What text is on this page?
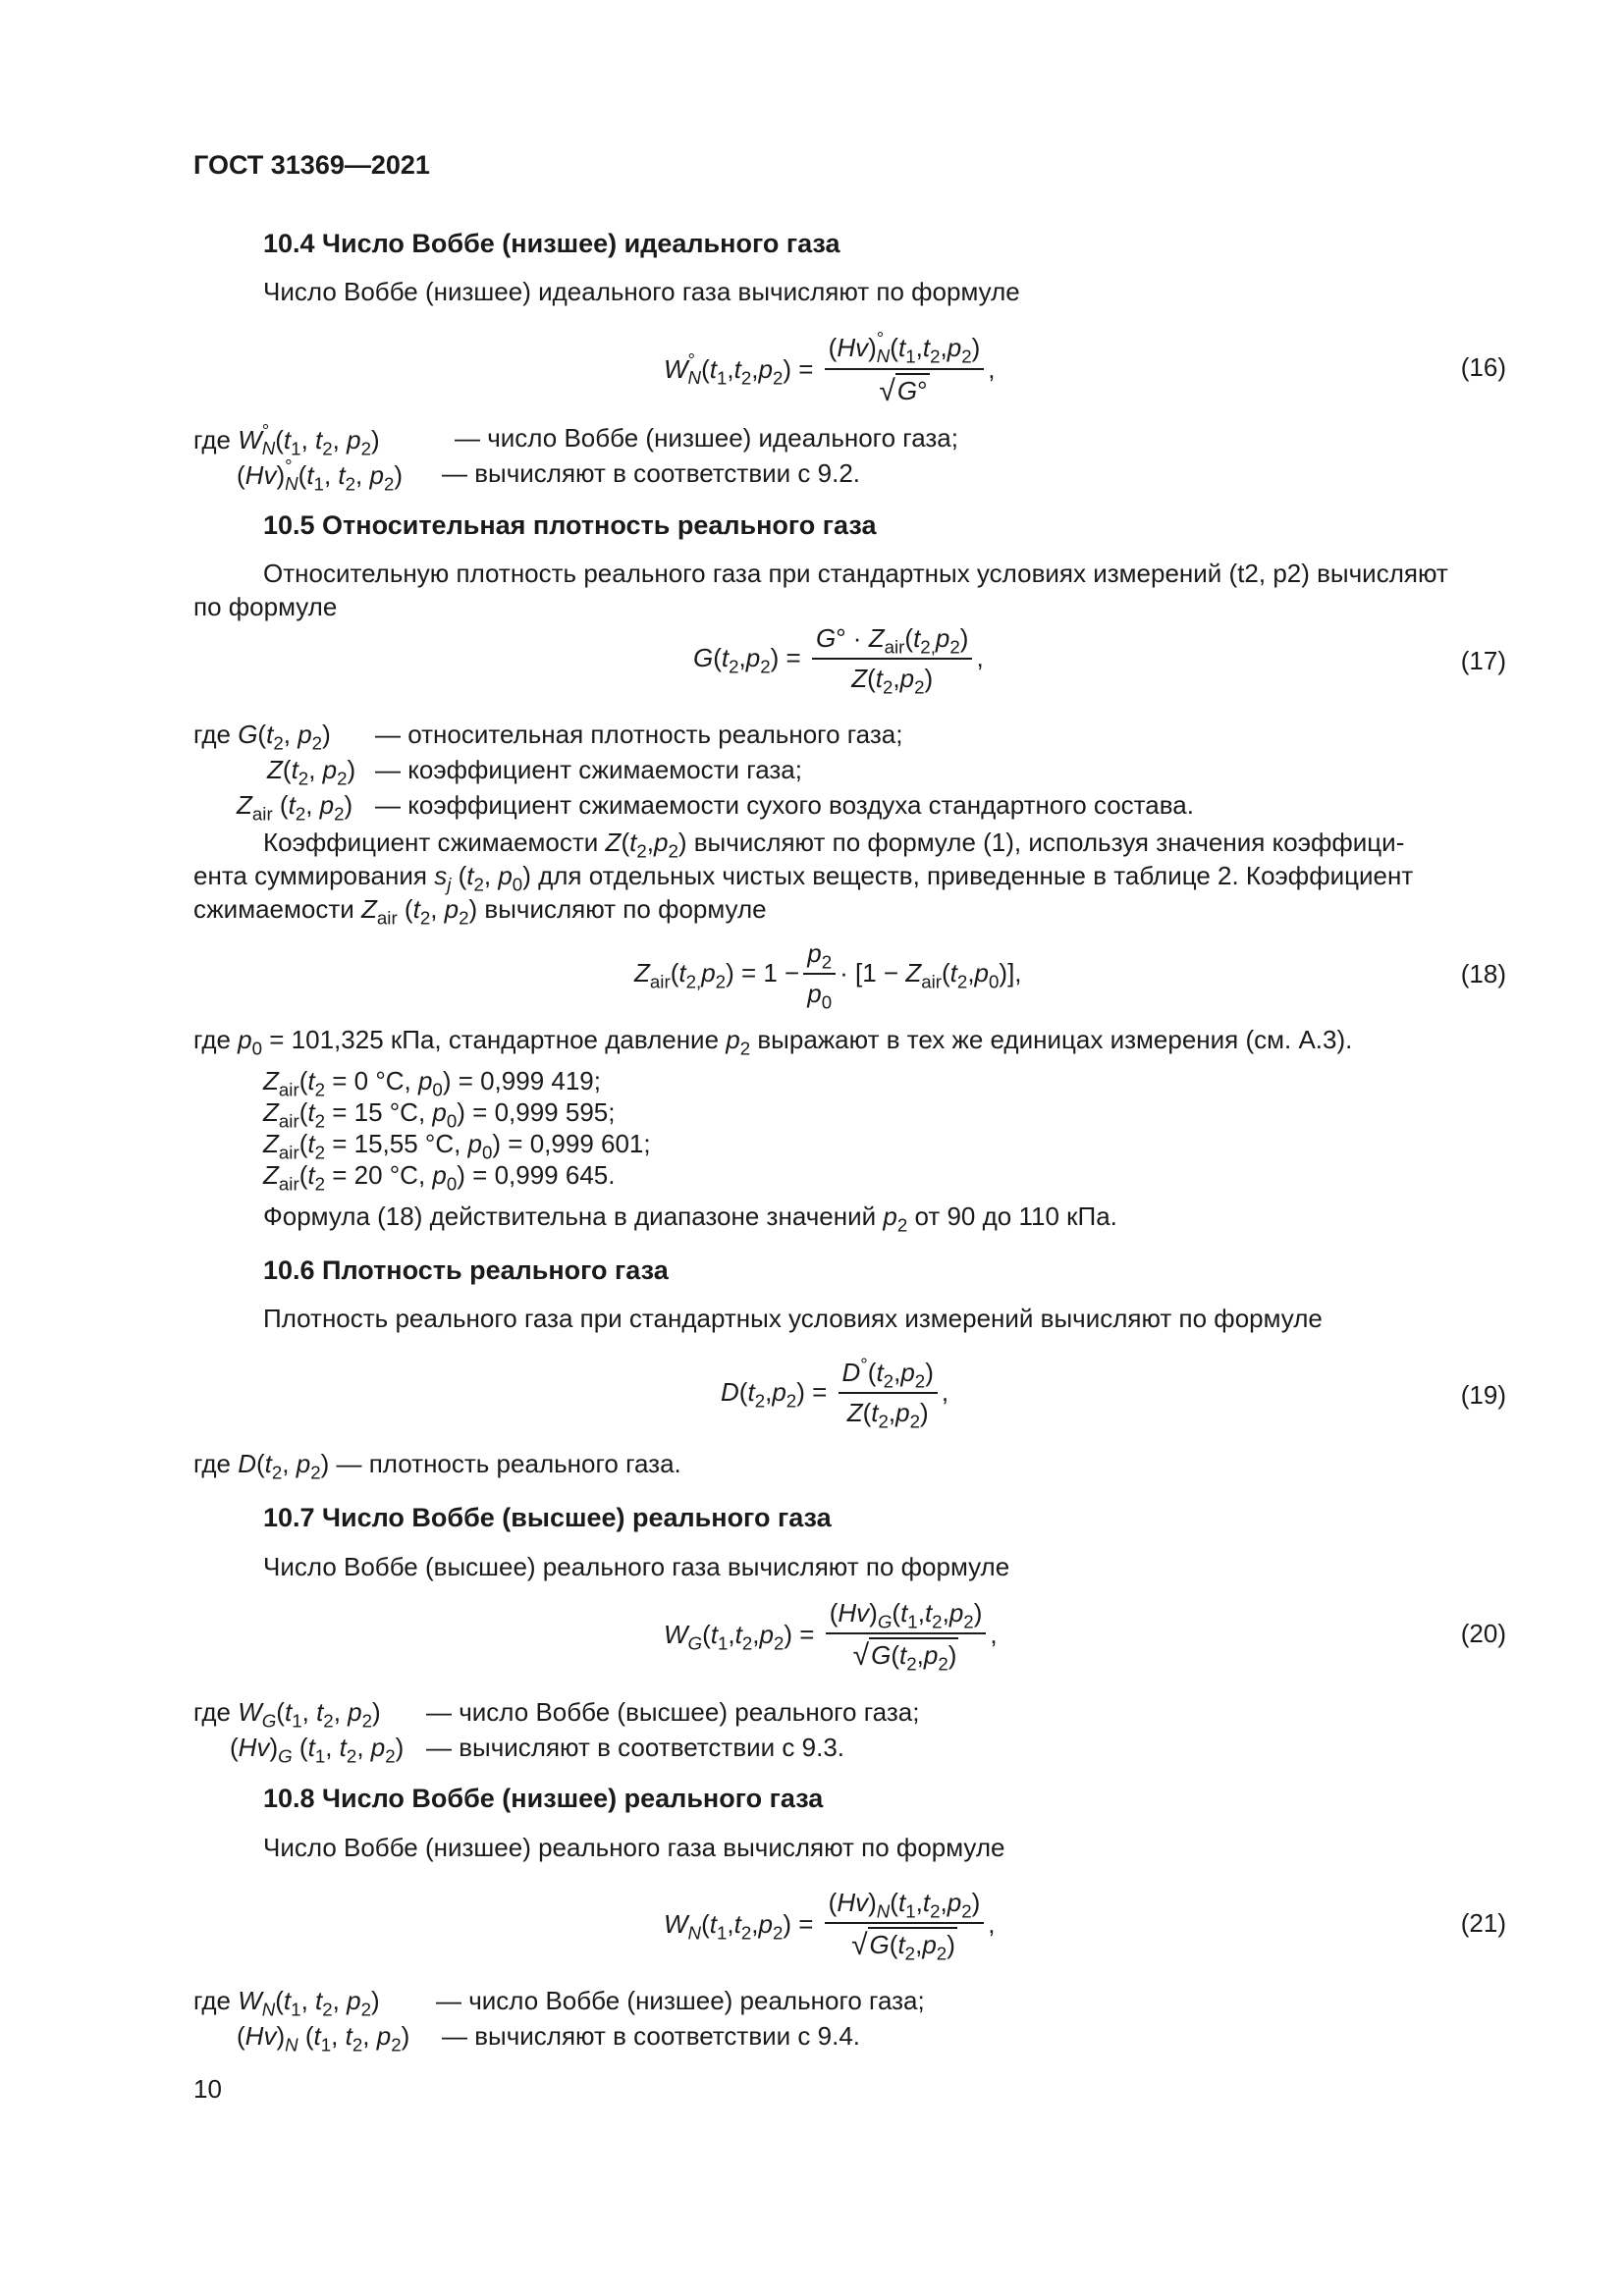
ГОСТ 31369—2021
10.4 Число Воббе (низшее) идеального газа
Число Воббе (низшее) идеального газа вычисляют по формуле
W °
N $(t_1,t_2,p_2) = (Hv)$ °
N $(t_1,t_2,p_2)$
√ G° ,	(16)
где W °
N ($t_1$, $t_2$, $p_2$)	— число Воббе (низшее) идеального газа;
(Hv) °
N ($t_1$, $t_2$, $p_2$) — вычисляют в соответствии с 9.2.
10.5 Относительная плотность реального газа
Относительную плотность реального газа при стандартных условиях измерений (t2, p2) вычисляют
по формуле
$G(t_2,p_2) = \frac{G^\circ \cdot Z_{air}(t_{2,}p_2)}{Z(t_2,p_2)}$ ,	(17)
где $G(t_2$, $p_2$) — относительная плотность реального газа;
$Z(t_2$, $p_2$) — коэффициент сжимаемости газа;
$Z_{air}$ ($t_2$, $p_2$) — коэффициент сжимаемости сухого воздуха стандартного состава.
Коэффициент сжимаемости $Z(t_2,p_2)$ вычисляют по формуле (1), используя значения коэффици-
ента суммирования $s_j$ ($t_2$, $p_0$) для отдельных чистых веществ, приведенные в таблице 2. Коэффициент
сжимаемости $Z_{air}$ ($t_2$, $p_2$) вычисляют по формуле
$Z_{air}(t_{2,}p_2) = 1 - \frac{p_2}{p_0} \cdot [1 - Z_{air}(t_2,p_0)]$,	(18)
где $p_0 = 101,325$ кПа, стандартное давление $p_2$ выражают в тех же единицах измерения (см. А.3).
$Z_{air}(t_2 = 0$ °С, $p_0) = 0,999$ 419;
$Z_{air}(t_2 = 15$ °С, $p_0) = 0,999$ 595;
$Z_{air}(t_2 = 15,55$ °С, $p_0) = 0,999$ 601;
$Z_{air}(t_2 = 20$ °С, $p_0) = 0,999$ 645.
Формула (18) действительна в диапазоне значений $p_2$ от 90 до 110 кПа.
10.6 Плотность реального газа
Плотность реального газа при стандартных условиях измерений вычисляют по формуле
$D(t_2,p_2) = \frac{D^\circ(t_2,p_2)}{Z(t_2,p_2)}$ ,	(19)
где $D(t_2$, $p_2$) — плотность реального газа.
10.7 Число Воббе (высшее) реального газа
Число Воббе (высшее) реального газа вычисляют по формуле
$W_G(t_1,t_2,p_2) = \frac{(Hv)_G(t_1,t_2,p_2)}{√ G(t_2,p_2)}$ ,	(20)
где $W_G(t_1$, $t_2$, $p_2$) — число Воббе (высшее) реального газа;
$(Hv)_G$ ($t_1$, $t_2$, $p_2$) — вычисляют в соответствии с 9.3.
10.8 Число Воббе (низшее) реального газа
Число Воббе (низшее) реального газа вычисляют по формуле
$W_N(t_1,t_2,p_2) = \frac{(Hv)_N(t_1,t_2,p_2)}{√ G(t_2,p_2)}$ ,	(21)
где $W_N(t_1$, $t_2$, $p_2$) — число Воббе (низшее) реального газа;
$(Hv)_N$ ($t_1$, $t_2$, $p_2$) — вычисляют в соответствии с 9.4.
10
